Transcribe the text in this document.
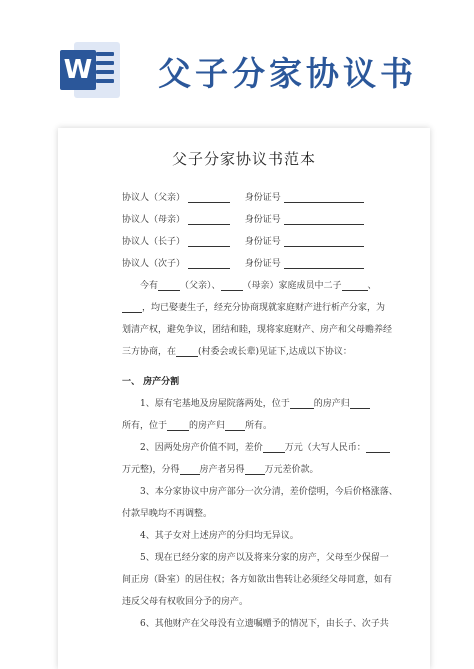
W 父子分家协议书
父子分家协议书范本
协议人（父亲）	身份证号
协议人（母亲）	身份证号
协议人（长子）	身份证号
协议人（次子）	身份证号
今有 （父亲）、 （母亲）家庭成员中二子	、
，均已娶妻生子，经充分协商现就家庭财产进行析产分家，为
划清产权，避免争议，团结和睦，现将家庭财产、房产和父母赡养经
三方协商，在 (村委会或长辈)见证下,达成以下协议：
一、 房产分割
1、原有宅基地及房屋院落两处，位于	的房产归
所有，位于 的房产归 所有。
2、因两处房产价值不同，差价 万元（大写人民币：
万元整)，分得 房产者另得 万元差价款。
3、本分家协议中房产部分一次分清，差价偿明，今后价格涨落、
付款早晚均不再调整。
4、其子女对上述房产的分归均无异议。
5、现在已经分家的房产以及将来分家的房产，父母至少保留一
间正房（卧室）的居住权；各方如欲出售转让必须经父母同意，如有
违反父母有权收回分予的房产。
6、其他财产在父母没有立遗嘱赠予的情况下，由长子、次子共
